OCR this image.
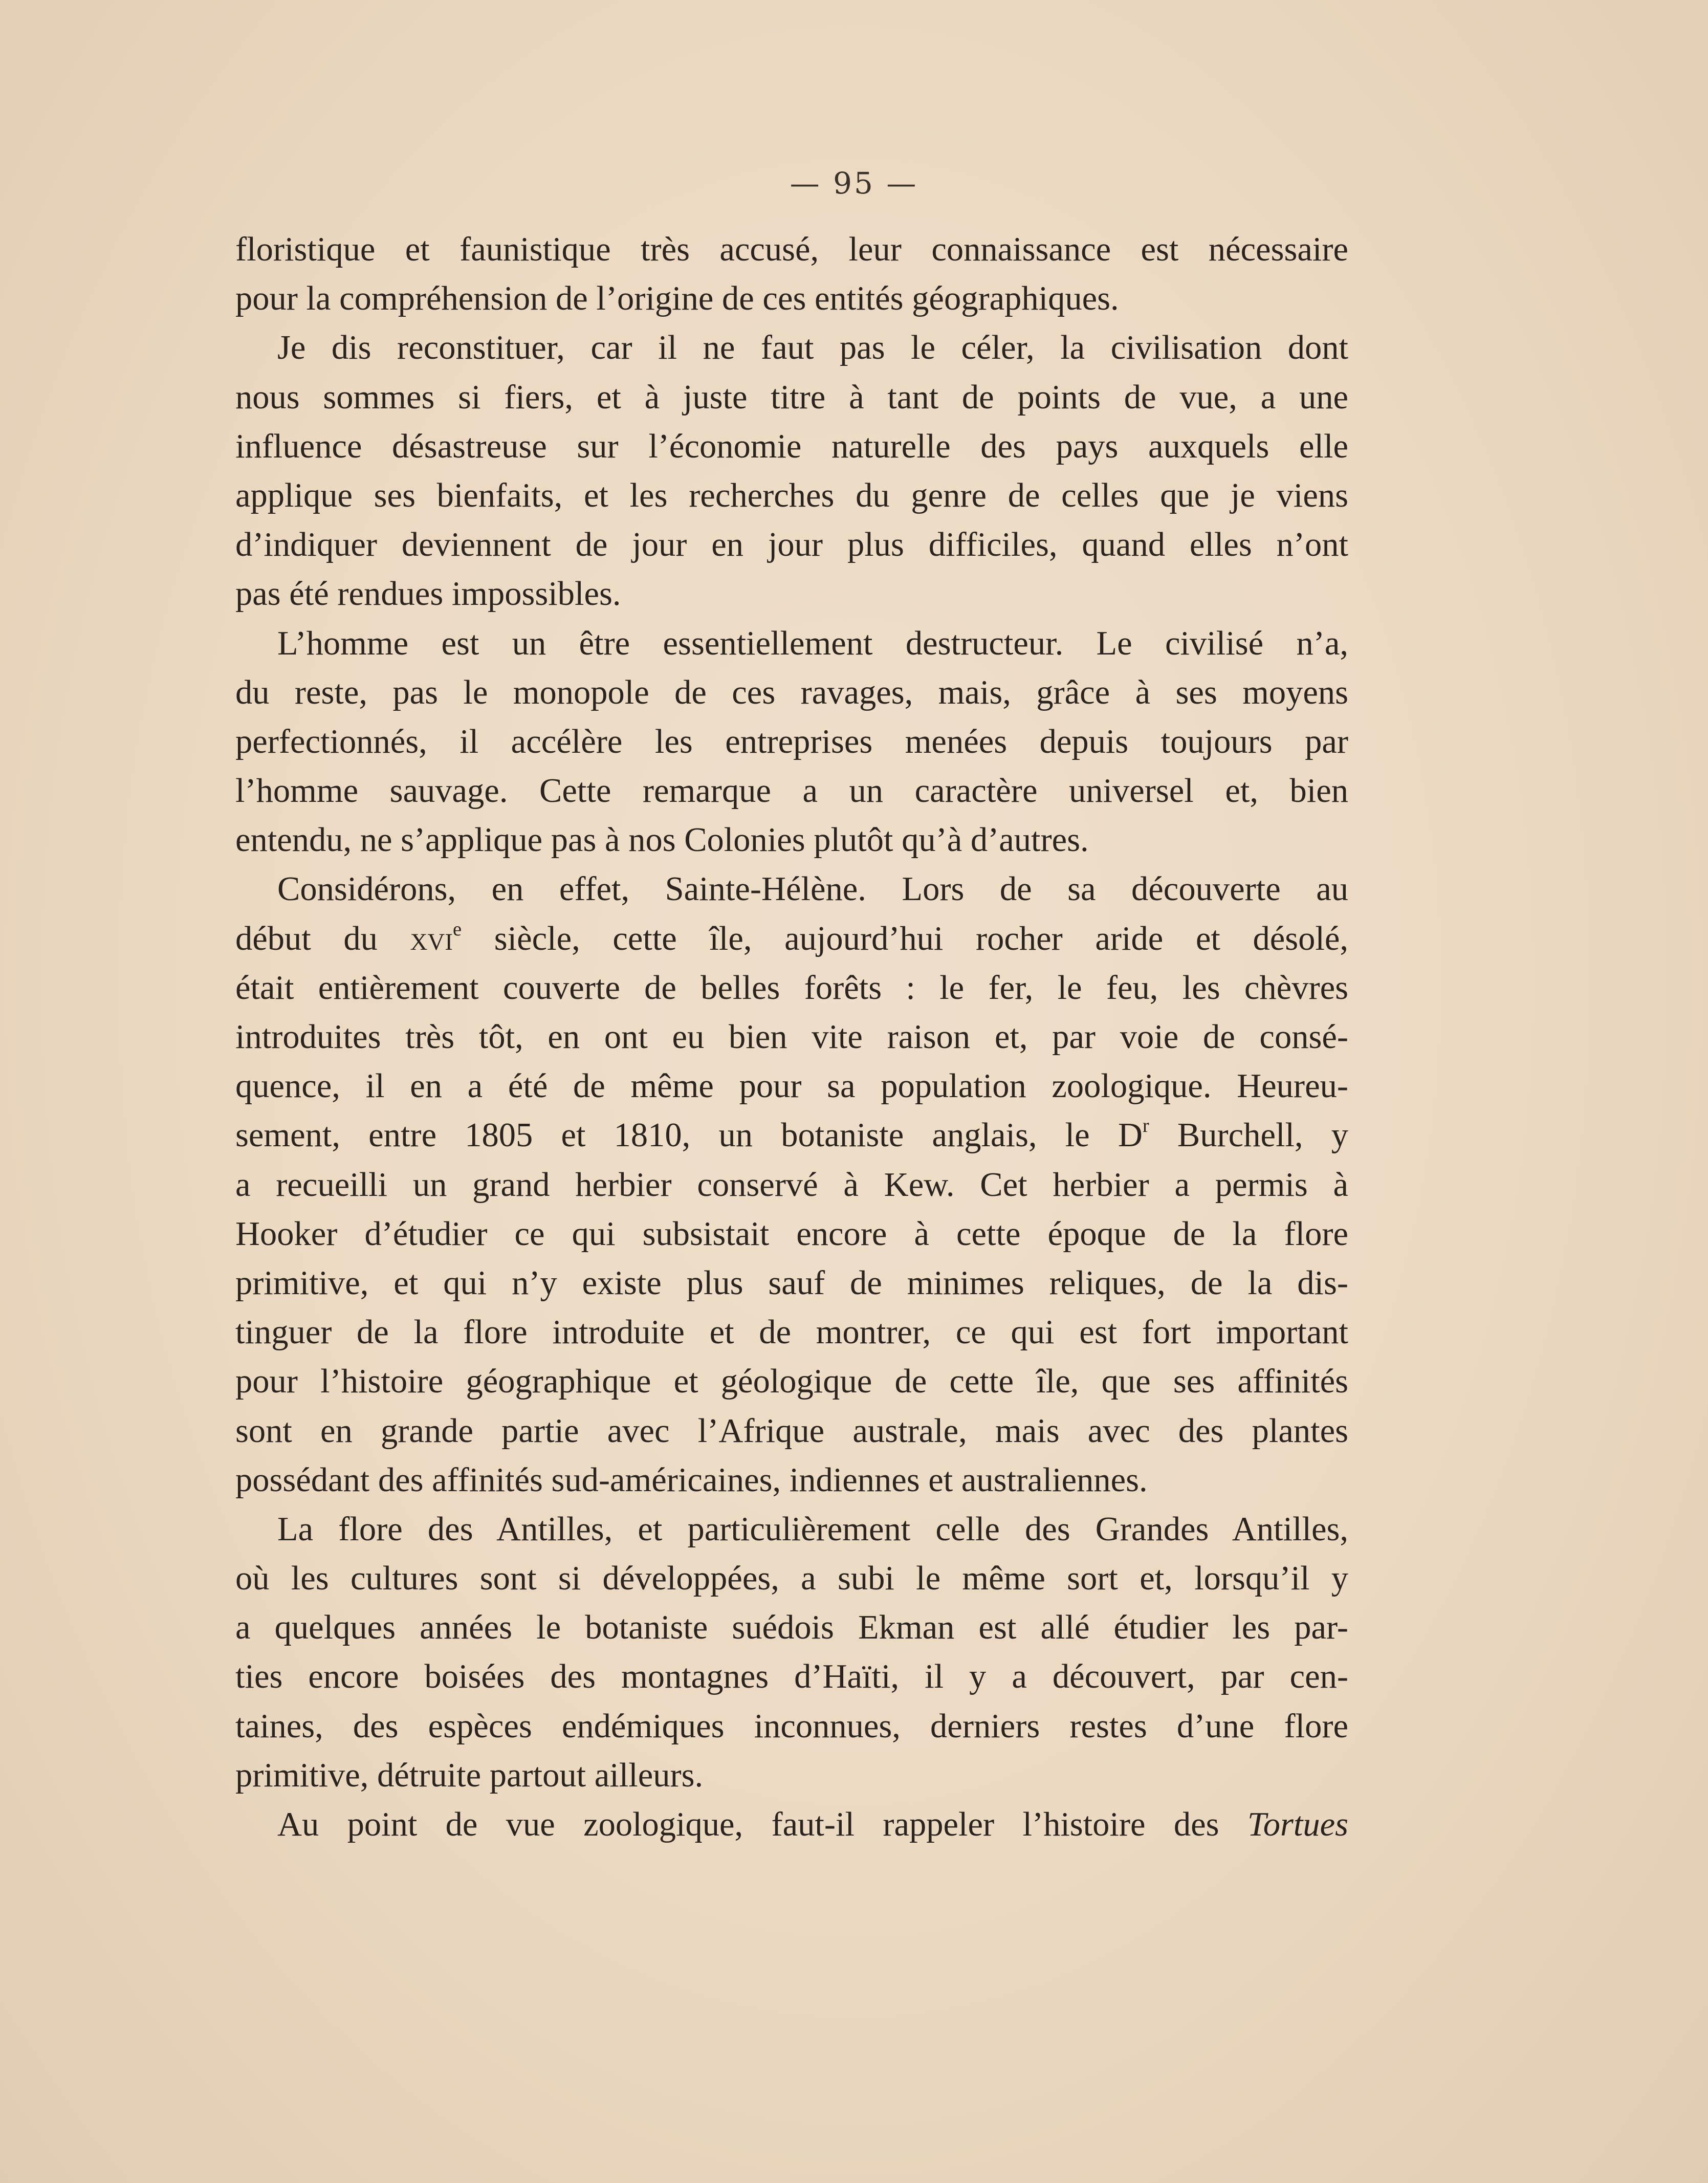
— 95 —
floristique et faunistique très accusé, leur connaissance est nécessaire
pour la compréhension de l’origine de ces entités géographiques.
Je dis reconstituer, car il ne faut pas le céler, la civilisation dont
nous sommes si fiers, et à juste titre à tant de points de vue, a une
influence désastreuse sur l’économie naturelle des pays auxquels elle
applique ses bienfaits, et les recherches du genre de celles que je viens
d’indiquer deviennent de jour en jour plus difficiles, quand elles n’ont
pas été rendues impossibles.
L’homme est un être essentiellement destructeur. Le civilisé n’a,
du reste, pas le monopole de ces ravages, mais, grâce à ses moyens
perfectionnés, il accélère les entreprises menées depuis toujours par
l’homme sauvage. Cette remarque a un caractère universel et, bien
entendu, ne s’applique pas à nos Colonies plutôt qu’à d’autres.
Considérons, en effet, Sainte-Hélène. Lors de sa découverte au
début du xvi$^e$ siècle, cette île, aujourd’hui rocher aride et désolé,
était entièrement couverte de belles forêts : le fer, le feu, les chèvres
introduites très tôt, en ont eu bien vite raison et, par voie de consé-
quence, il en a été de même pour sa population zoologique. Heureu-
sement, entre 1805 et 1810, un botaniste anglais, le $D^r$ Burchell, y
a recueilli un grand herbier conservé à Kew. Cet herbier a permis à
Hooker d’étudier ce qui subsistait encore à cette époque de la flore
primitive, et qui n’y existe plus sauf de minimes reliques, de la dis-
tinguer de la flore introduite et de montrer, ce qui est fort important
pour l’histoire géographique et géologique de cette île, que ses affinités
sont en grande partie avec l’Afrique australe, mais avec des plantes
possédant des affinités sud-américaines, indiennes et australiennes.
La flore des Antilles, et particulièrement celle des Grandes Antilles,
où les cultures sont si développées, a subi le même sort et, lorsqu’il y
a quelques années le botaniste suédois Ekman est allé étudier les par-
ties encore boisées des montagnes d’Haïti, il y a découvert, par cen-
taines, des espèces endémiques inconnues, derniers restes d’une flore
primitive, détruite partout ailleurs.
Au point de vue zoologique, faut-il rappeler l’histoire des Tortues
